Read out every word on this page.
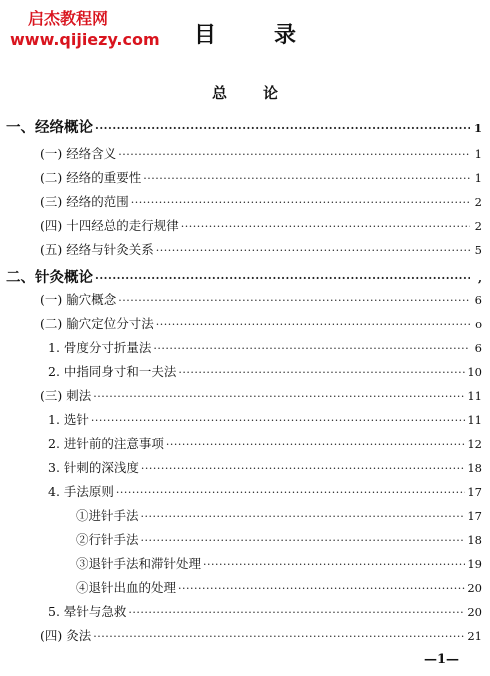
启杰教程网
www.qijiezy.com	目录
总论
一、经络概论 ·····	1
(一) 经络含义 ·····	1
(二) 经络的重要性 ·····	1
(三) 经络的范围 ·····	2
(四) 十四经总的走行规律 ·····	2
(五) 经络与针灸关系 ·····	5
二、针灸概论 ·····	,
(一) 腧穴概念 ·····	6
(二) 腧穴定位分寸法 ·····	o
1. 骨度分寸折量法 ·····	6
2. 中指同身寸和一夫法 ·····	10
(三) 刺法 ·····	11
1. 选针 ·····	11
2. 进针前的注意事项 ·····	12
3. 针刺的深浅度 ·····	18
4. 手法原则 ·····	17
①进针手法 ·····	17
②行针手法 ·····	18
③退针手法和滞针处理 ·····	19
④退针出血的处理 ·····	20
5. 晕针与急救 ·····	20
(四) 灸法 ·····	21
—1—
